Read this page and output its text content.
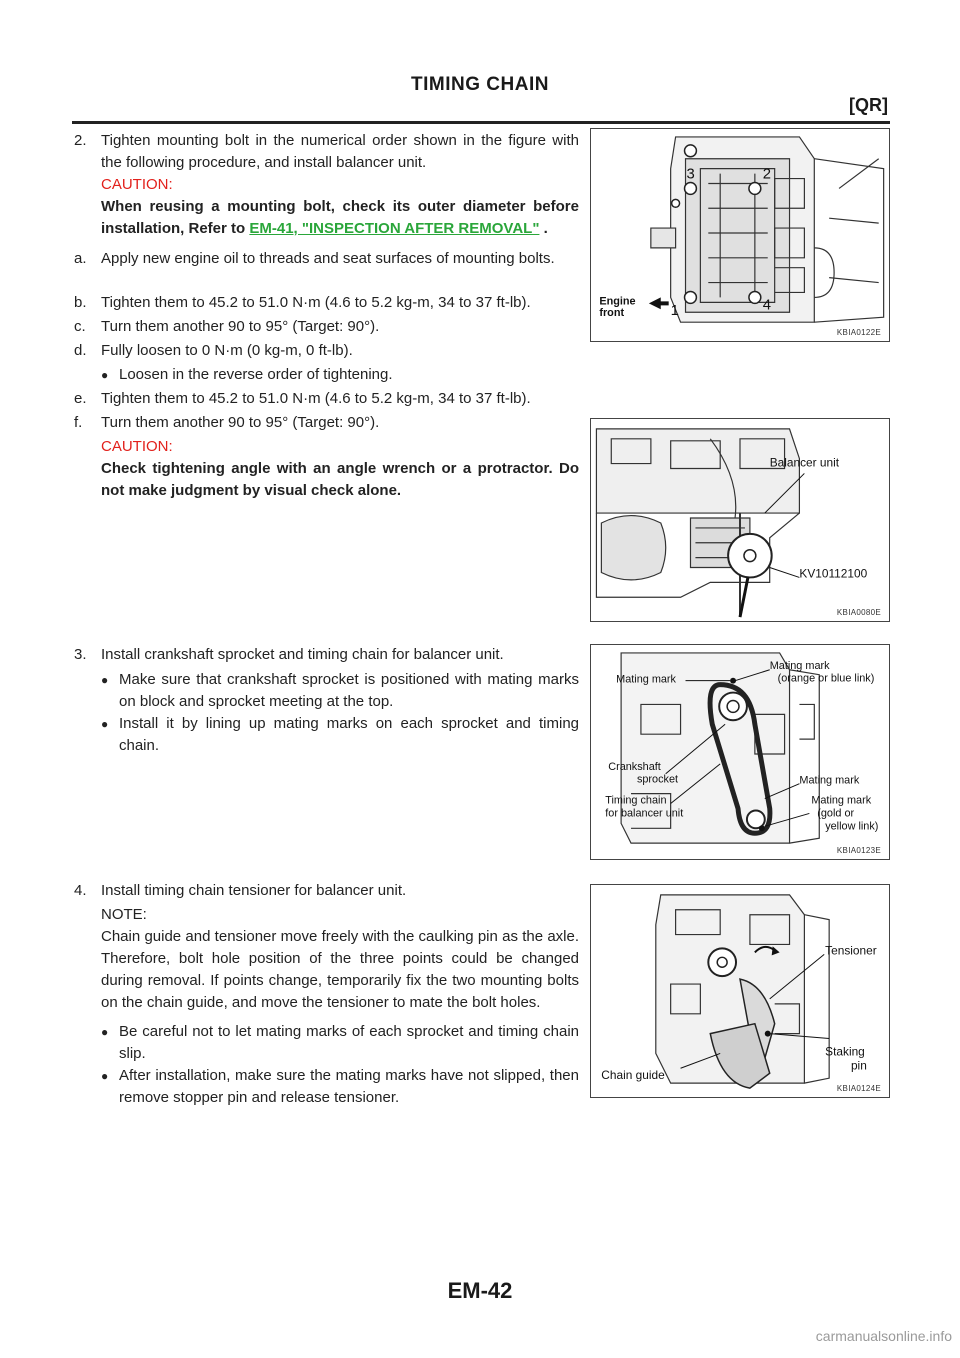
TIMING CHAIN
[QR]
2. Tighten mounting bolt in the numerical order shown in the figure with the following procedure, and install balancer unit.
CAUTION:
When reusing a mounting bolt, check its outer diameter before installation, Refer to EM-41, "INSPECTION AFTER REMOVAL" .
a. Apply new engine oil to threads and seat surfaces of mounting bolts.
b. Tighten them to 45.2 to 51.0 N·m (4.6 to 5.2 kg-m, 34 to 37 ft-lb).
c.	Turn them another 90 to 95° (Target: 90°).
d. Fully loosen to 0 N·m (0 kg-m, 0 ft-lb).
● Loosen in the reverse order of tightening.
e. Tighten them to 45.2 to 51.0 N·m (4.6 to 5.2 kg-m, 34 to 37 ft-lb).
f.	Turn them another 90 to 95° (Target: 90°).
CAUTION:
Check tightening angle with an angle wrench or a protractor. Do not make judgment by visual check alone.
3. Install crankshaft sprocket and timing chain for balancer unit.
● Make sure that crankshaft sprocket is positioned with mating marks on block and sprocket meeting at the top.
● Install it by lining up mating marks on each sprocket and timing chain.
4. Install timing chain tensioner for balancer unit.
NOTE:
Chain guide and tensioner move freely with the caulking pin as the axle. Therefore, bolt hole position of the three points could be changed during removal. If points change, temporarily fix the two mounting bolts on the chain guide, and move the tensioner to mate the bolt holes.
● Be careful not to let mating marks of each sprocket and timing chain slip.
● After installation, make sure the mating marks have not slipped, then remove stopper pin and release tensioner.
3	2
1	4
Engine
front
KBIA0122E
Balancer unit
KV10112100
KBIA0080E
Mating mark
Mating mark
(orange or blue link)
Crankshaft
sprocket	Mating mark
Timing chain
for balancer unit
Mating mark
(gold or
yellow link)
KBIA0123E
Tensioner
Staking
pin
Chain guide
KBIA0124E
EM-42
carmanualsonline.info
